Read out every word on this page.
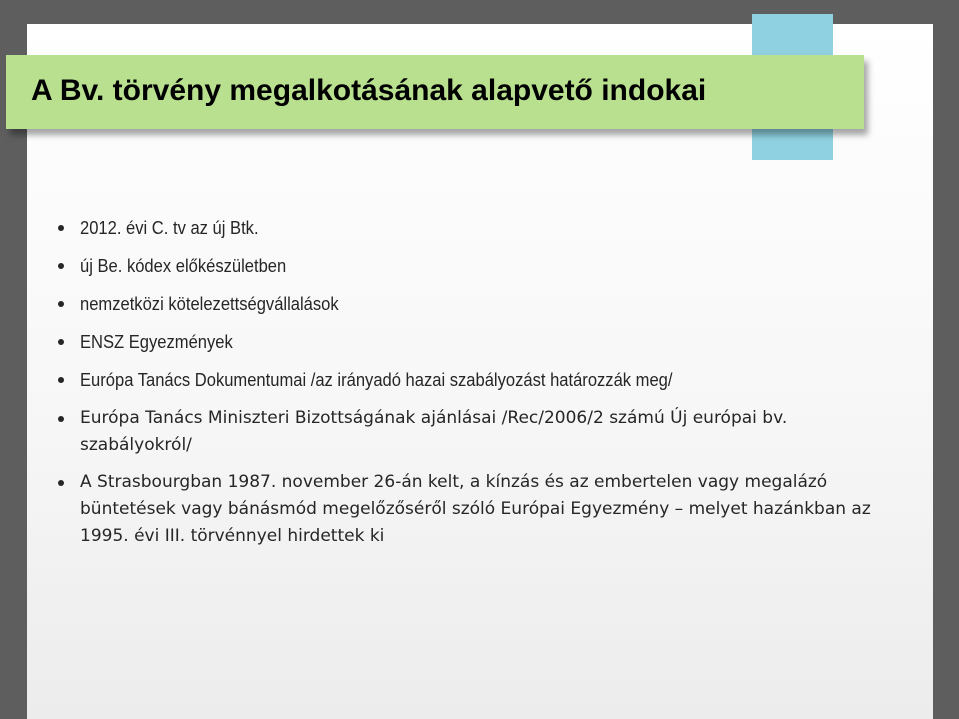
A Bv. törvény megalkotásának alapvető indokai
2012. évi C. tv az új Btk.
új Be. kódex előkészületben
nemzetközi kötelezettségvállalások
ENSZ Egyezmények
Európa Tanács Dokumentumai /az irányadó hazai szabályozást határozzák meg/
Európa Tanács Miniszteri Bizottságának ajánlásai /Rec/2006/2 számú Új európai bv. szabályokról/
A Strasbourgban 1987. november 26-án kelt, a kínzás és az embertelen vagy megalázó büntetések vagy bánásmód megelőzőséről szóló Európai Egyezmény – melyet hazánkban az 1995. évi III. törvénnyel hirdettek ki
